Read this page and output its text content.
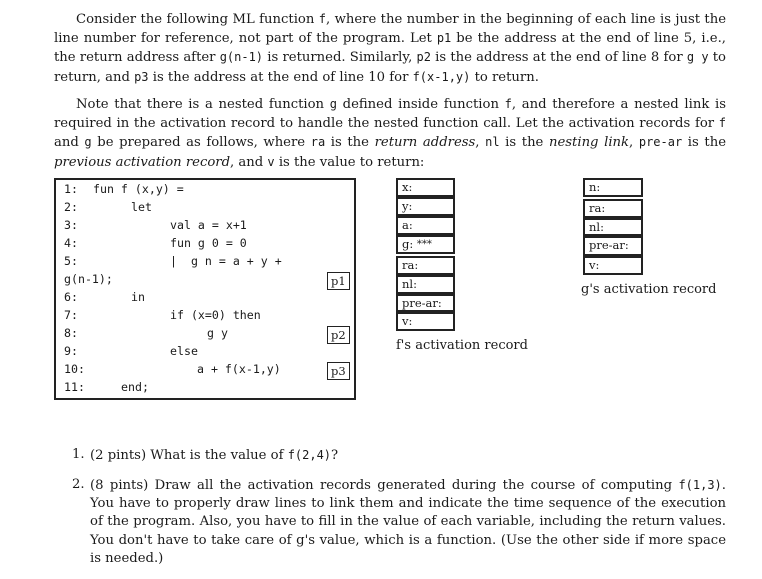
Consider the following ML function f, where the number in the beginning of each line is just the line number for reference, not part of the program. Let p1 be the address at the end of line 5, i.e., the return address after g(n-1) is returned. Similarly, p2 is the address at the end of line 8 for g y to return, and p3 is the address at the end of line 10 for f(x-1,y) to return.

Note that there is a nested function g defined inside function f, and therefore a nested link is required in the activation record to handle the nested function call. Let the activation records for f and g be prepared as follows, where ra is the return address, nl is the nesting link, pre-ar is the previous activation record, and v is the value to return:

1:
2:
3:
4:
5:
6:
7:
8:
9:
10:
11:
fun f (x,y) =
let
val a = x+1
fun g 0 = 0
|  g n = a + y +
g(n-1);
in
if (x=0) then
g y
else
a + f(x-1,y)
end;
p1
p2
p3
x:
y:
a:
g: ***
ra:
nl:
pre-ar:
v:
f's activation record
n:
ra:
nl:
pre-ar:
v:
g's activation record
1. (2 pints) What is the value of f(2,4)?
2. (8 pints) Draw all the activation records generated during the course of computing f(1,3). You have to properly draw lines to link them and indicate the time sequence of the execution of the program. Also, you have to fill in the value of each variable, including the return values. You don't have to take care of g's value, which is a function. (Use the other side if more space is needed.)
